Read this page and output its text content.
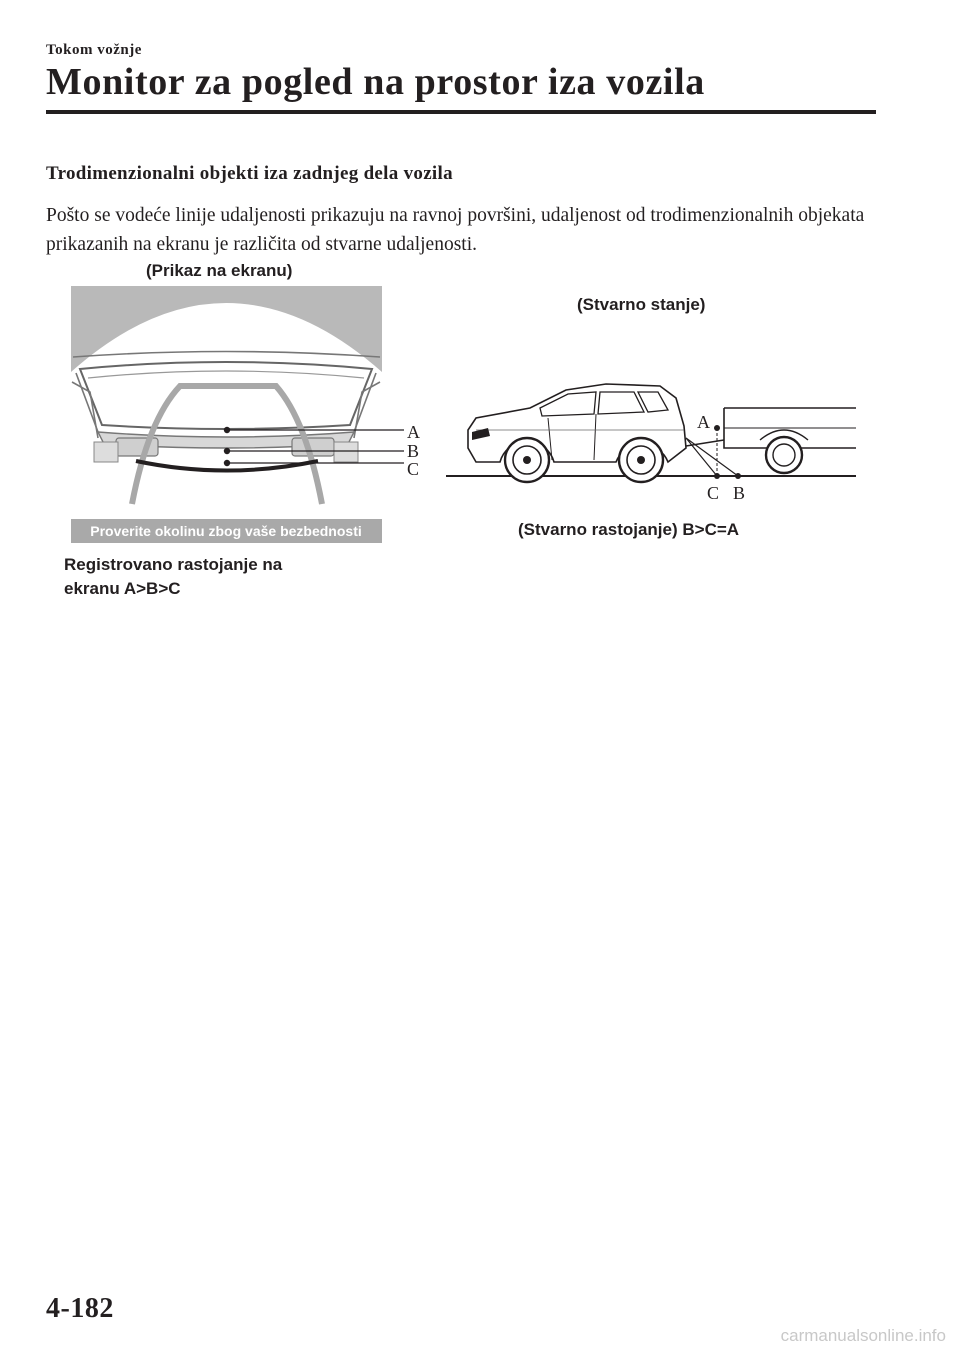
Tokom vožnje
Monitor za pogled na prostor iza vozila
Trodimenzionalni objekti iza zadnjeg dela vozila

Pošto se vodeće linije udaljenosti prikazuju na ravnoj površini, udaljenost od trodimenzionalnih objekata prikazanih na ekranu je različita od stvarne udaljenosti.

(Prikaz na ekranu)
Proverite okolinu zbog vaše bezbednosti
A
B
C
Registrovano rastojanje na
ekranu A>B>C
(Stvarno stanje)
A
C B
(Stvarno rastojanje) B>C=A
4-182
carmanualsonline.info
